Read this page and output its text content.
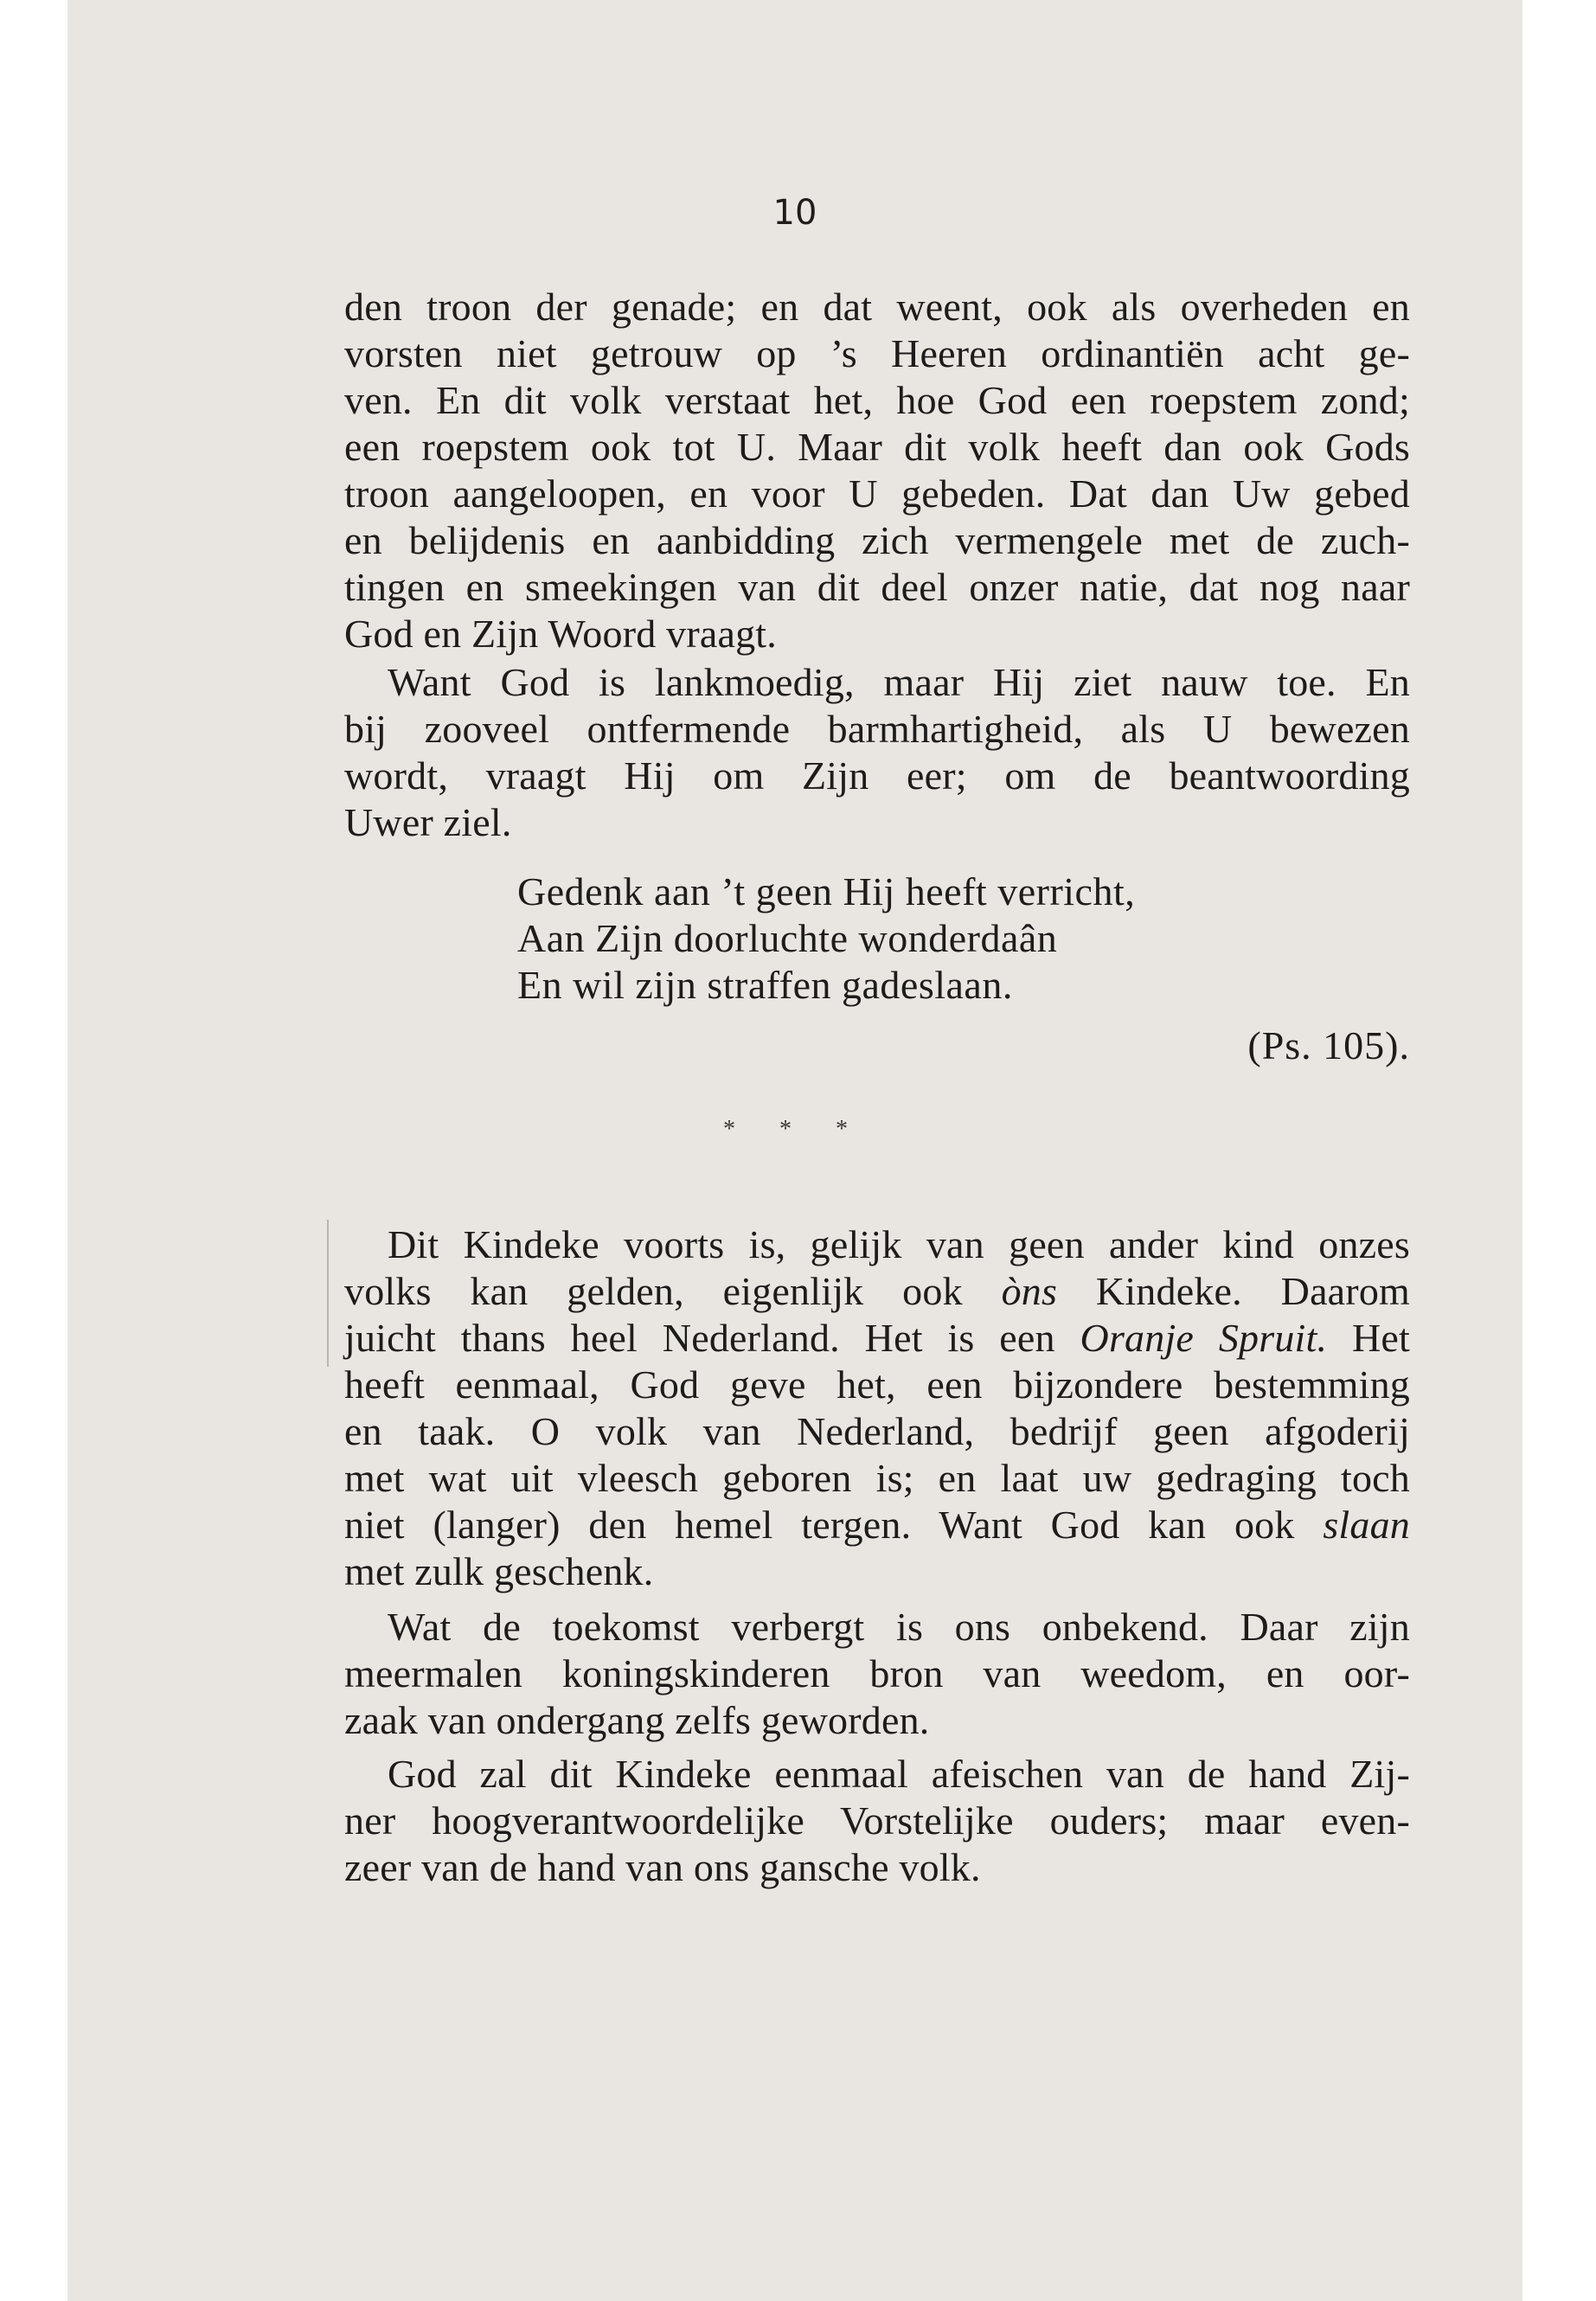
10
den troon der genade; en dat weent, ook als overheden en
vorsten niet getrouw op ’s Heeren ordinantiën acht ge-
ven. En dit volk verstaat het, hoe God een roepstem zond;
een roepstem ook tot U. Maar dit volk heeft dan ook Gods
troon aangeloopen, en voor U gebeden. Dat dan Uw gebed
en belijdenis en aanbidding zich vermengele met de zuch-
tingen en smeekingen van dit deel onzer natie, dat nog naar
God en Zijn Woord vraagt.
Want God is lankmoedig, maar Hij ziet nauw toe. En
bij zooveel ontfermende barmhartigheid, als U bewezen
wordt, vraagt Hij om Zijn eer; om de beantwoording
Uwer ziel.
Gedenk aan ’t geen Hij heeft verricht,
Aan Zijn doorluchte wonderdaân
En wil zijn straffen gadeslaan.
(Ps. 105).
* * *
Dit Kindeke voorts is, gelijk van geen ander kind onzes
volks kan gelden, eigenlijk ook òns Kindeke. Daarom
juicht thans heel Nederland. Het is een Oranje Spruit. Het
heeft eenmaal, God geve het, een bijzondere bestemming
en taak. O volk van Nederland, bedrijf geen afgoderij
met wat uit vleesch geboren is; en laat uw gedraging toch
niet (langer) den hemel tergen. Want God kan ook slaan
met zulk geschenk.
Wat de toekomst verbergt is ons onbekend. Daar zijn
meermalen koningskinderen bron van weedom, en oor-
zaak van ondergang zelfs geworden.
God zal dit Kindeke eenmaal afeischen van de hand Zij-
ner hoogverantwoordelijke Vorstelijke ouders; maar even-
zeer van de hand van ons gansche volk.
